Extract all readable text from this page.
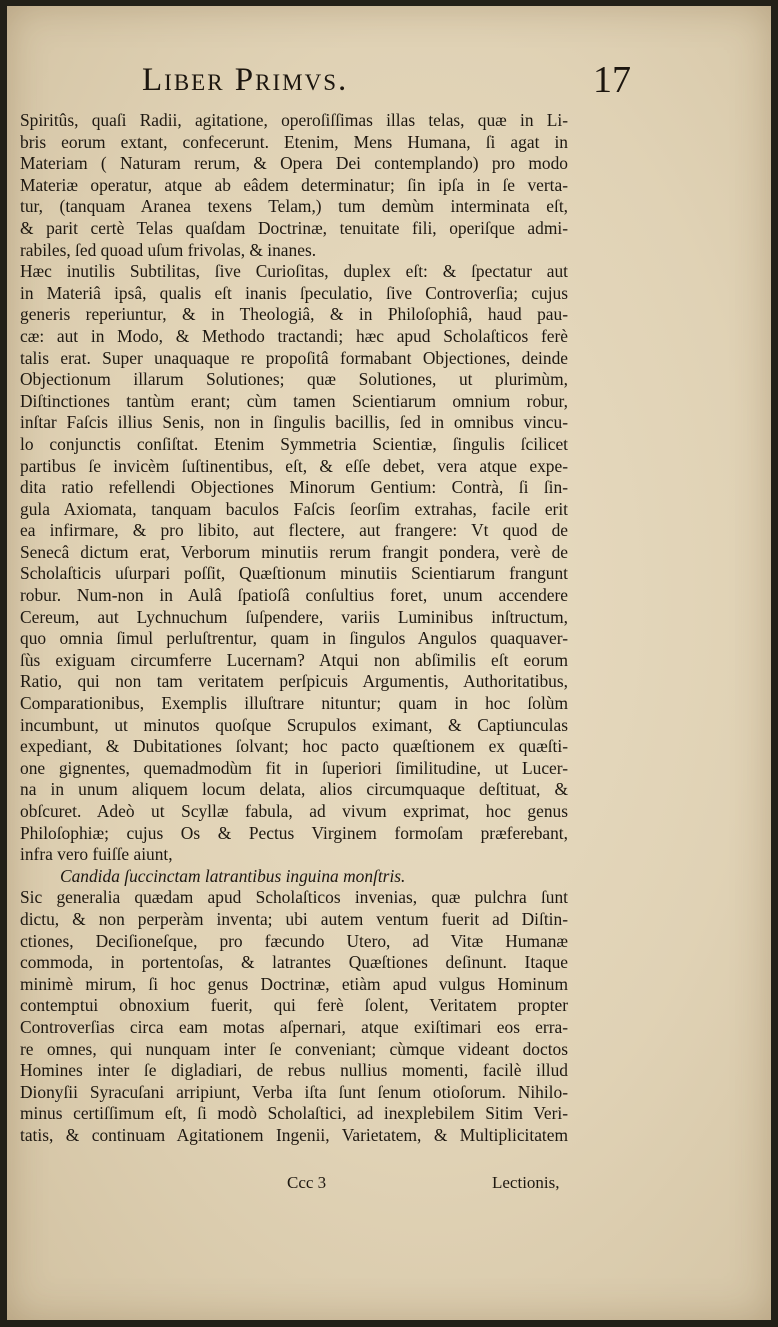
Liber Primvs.	17
Spiritûs, quaſi Radii, agitatione, operoſiſſimas illas telas, quæ in Li-
bris eorum extant, confecerunt. Etenim, Mens Humana, ſi agat in
Materiam ( Naturam rerum, & Opera Dei contemplando) pro modo
Materiæ operatur, atque ab eâdem determinatur; ſin ipſa in ſe verta-
tur, (tanquam Aranea texens Telam,) tum demùm interminata eſt,
& parit certè Telas quaſdam Doctrinæ, tenuitate fili, operiſque admi-
rabiles, ſed quoad uſum frivolas, & inanes.
Hæc inutilis Subtilitas, ſive Curioſitas, duplex eſt: & ſpectatur aut
in Materiâ ipsâ, qualis eſt inanis ſpeculatio, ſive Controverſia; cujus
generis reperiuntur, & in Theologiâ, & in Philoſophiâ, haud pau-
cæ: aut in Modo, & Methodo tractandi; hæc apud Scholaſticos ferè
talis erat. Super unaquaque re propoſitâ formabant Objectiones, deinde
Objectionum illarum Solutiones; quæ Solutiones, ut plurimùm,
Diſtinctiones tantùm erant; cùm tamen Scientiarum omnium robur,
inſtar Faſcis illius Senis, non in ſingulis bacillis, ſed in omnibus vincu-
lo conjunctis conſiſtat. Etenim Symmetria Scientiæ, ſingulis ſcilicet
partibus ſe invicèm ſuſtinentibus, eſt, & eſſe debet, vera atque expe-
dita ratio refellendi Objectiones Minorum Gentium: Contrà, ſi ſin-
gula Axiomata, tanquam baculos Faſcis ſeorſim extrahas, facile erit
ea infirmare, & pro libito, aut flectere, aut frangere: Vt quod de
Senecâ dictum erat, Verborum minutiis rerum frangit pondera, verè de
Scholaſticis uſurpari poſſit, Quæſtionum minutiis Scientiarum frangunt
robur. Num-non in Aulâ ſpatioſâ conſultius foret, unum accendere
Cereum, aut Lychnuchum ſuſpendere, variis Luminibus inſtructum,
quo omnia ſimul perluſtrentur, quam in ſingulos Angulos quaquaver-
ſùs exiguam circumferre Lucernam? Atqui non abſimilis eſt eorum
Ratio, qui non tam veritatem perſpicuis Argumentis, Authoritatibus,
Comparationibus, Exemplis illuſtrare nituntur; quam in hoc ſolùm
incumbunt, ut minutos quoſque Scrupulos eximant, & Captiunculas
expediant, & Dubitationes ſolvant; hoc pacto quæſtionem ex quæſti-
one gignentes, quemadmodùm fit in ſuperiori ſimilitudine, ut Lucer-
na in unum aliquem locum delata, alios circumquaque deſtituat, &
obſcuret. Adeò ut Scyllæ fabula, ad vivum exprimat, hoc genus
Philoſophiæ; cujus Os & Pectus Virginem formoſam præferebant,
infra vero fuiſſe aiunt,
Candida ſuccinctam latrantibus inguina monſtris.
Sic generalia quædam apud Scholaſticos invenias, quæ pulchra ſunt
dictu, & non perperàm inventa; ubi autem ventum fuerit ad Diſtin-
ctiones, Deciſioneſque, pro fæcundo Utero, ad Vitæ Humanæ
commoda, in portentoſas, & latrantes Quæſtiones deſinunt. Itaque
minimè mirum, ſi hoc genus Doctrinæ, etiàm apud vulgus Hominum
contemptui obnoxium fuerit, qui ferè ſolent, Veritatem propter
Controverſias circa eam motas aſpernari, atque exiſtimari eos erra-
re omnes, qui nunquam inter ſe conveniant; cùmque videant doctos
Homines inter ſe digladiari, de rebus nullius momenti, facilè illud
Dionyſii Syracuſani arripiunt, Verba iſta ſunt ſenum otioſorum. Nihilo-
minus certiſſimum eſt, ſi modò Scholaſtici, ad inexplebilem Sitim Veri-
tatis, & continuam Agitationem Ingenii, Varietatem, & Multiplicitatem
Ccc 3	Lectionis,
